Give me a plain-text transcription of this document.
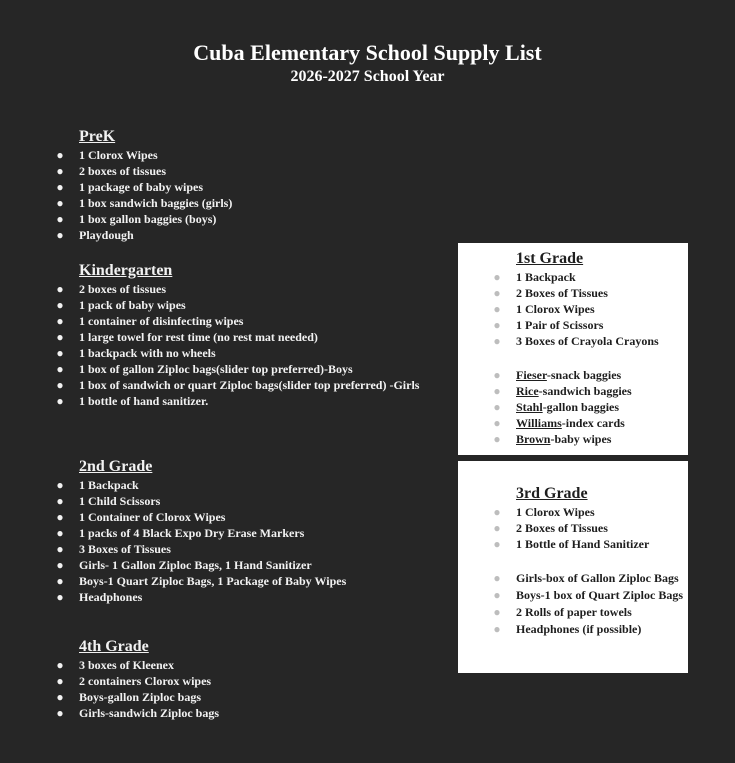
Cuba Elementary School Supply List
2026-2027 School Year
PreK
● 1 Clorox Wipes
● 2 boxes of tissues
● 1 package of baby wipes
● 1 box sandwich baggies (girls)
● 1 box gallon baggies (boys)
● Playdough
Kindergarten
● 2 boxes of tissues
● 1 pack of baby wipes
● 1 container of disinfecting wipes
● 1 large towel for rest time (no rest mat needed)
● 1 backpack with no wheels
● 1 box of gallon Ziploc bags(slider top preferred)-Boys
● 1 box of sandwich or quart Ziploc bags(slider top preferred) -Girls
● 1 bottle of hand sanitizer.
2nd Grade
● 1 Backpack
● 1 Child Scissors
● 1 Container of Clorox Wipes
● 1 packs of 4 Black Expo Dry Erase Markers
● 3 Boxes of Tissues
● Girls- 1 Gallon Ziploc Bags, 1 Hand Sanitizer
● Boys-1 Quart Ziploc Bags, 1 Package of Baby Wipes
● Headphones
4th Grade
● 3 boxes of Kleenex
● 2 containers Clorox wipes
● Boys-gallon Ziploc bags
● Girls-sandwich Ziploc bags
1st Grade
● 1 Backpack
● 2 Boxes of Tissues
● 1 Clorox Wipes
● 1 Pair of Scissors
● 3 Boxes of Crayola Crayons
● Fieser-snack baggies
● Rice-sandwich baggies
● Stahl-gallon baggies
● Williams-index cards
● Brown-baby wipes
3rd Grade
● 1 Clorox Wipes
● 2 Boxes of Tissues
● 1 Bottle of Hand Sanitizer
● Girls-box of Gallon Ziploc Bags
● Boys-1 box of Quart Ziploc Bags
● 2 Rolls of paper towels
● Headphones (if possible)
